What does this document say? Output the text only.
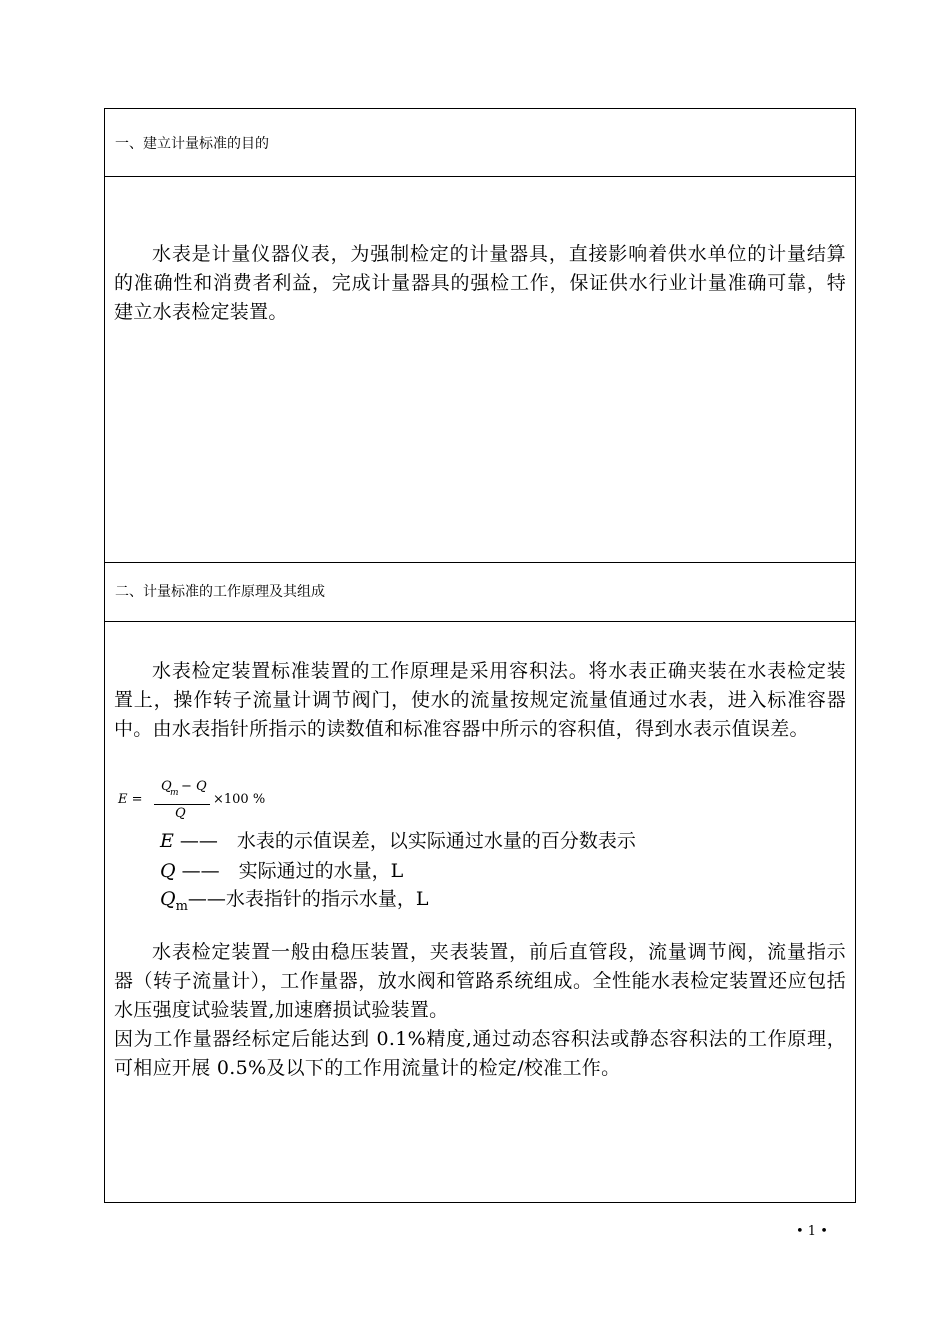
一、建立计量标准的目的
水表是计量仪器仪表，为强制检定的计量器具，直接影响着供水单位的计量结算的准确性和消费者利益，完成计量器具的强检工作，保证供水行业计量准确可靠，特建立水表检定装置。
二、计量标准的工作原理及其组成
水表检定装置标准装置的工作原理是采用容积法。将水表正确夹装在水表检定装置上，操作转子流量计调节阀门，使水的流量按规定流量值通过水表，进入标准容器中。由水表指针所指示的读数值和标准容器中所示的容积值，得到水表示值误差。
E =
Q
m − Q
Q
×100 %
E ——　水表的示值误差，以实际通过水量的百分数表示
Q ——　实际通过的水量，L
$Q_m——$水表指针的指示水量，L
水表检定装置一般由稳压装置，夹表装置，前后直管段，流量调节阀，流量指示器（转子流量计），工作量器，放水阀和管路系统组成。全性能水表检定装置还应包括水压强度试验装置,加速磨损试验装置。
因为工作量器经标定后能达到 0.1%精度,通过动态容积法或静态容积法的工作原理，可相应开展 0.5%及以下的工作用流量计的检定/校准工作。
• 1 •
